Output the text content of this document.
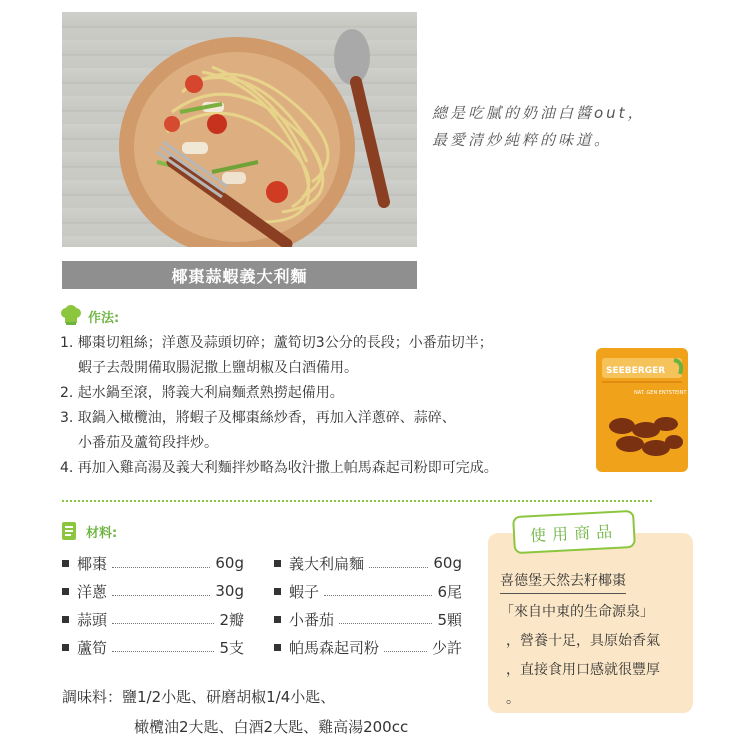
椰棗蒜蝦義大利麵
總是吃膩的奶油白醬out，
最愛清炒純粹的味道。
作法:
1. 椰棗切粗絲；洋蔥及蒜頭切碎；蘆筍切3公分的長段；小番茄切半；
蝦子去殼開備取腸泥撒上鹽胡椒及白酒備用。
2. 起水鍋至滾，將義大利扁麵煮熟撈起備用。
3. 取鍋入橄欖油，將蝦子及椰棗絲炒香，再加入洋蔥碎、蒜碎、
小番茄及蘆筍段拌炒。
4. 再加入雞高湯及義大利麵拌炒略為收汁撒上帕馬森起司粉即可完成。
SEEBERGER
NAT. GEN ENTSTEINT
材料:
椰棗	60g
洋蔥	30g
蒜頭	2瓣
蘆筍	5支
義大利扁麵	60g
蝦子	6尾
小番茄	5顆
帕馬森起司粉	少許
調味料：鹽1/2小匙、研磨胡椒1/4小匙、
橄欖油2大匙、白酒2大匙、雞高湯200cc
使用商品
喜德堡天然去籽椰棗
「來自中東的生命源泉」
，營養十足，具原始香氣
，直接食用口感就很豐厚
。
